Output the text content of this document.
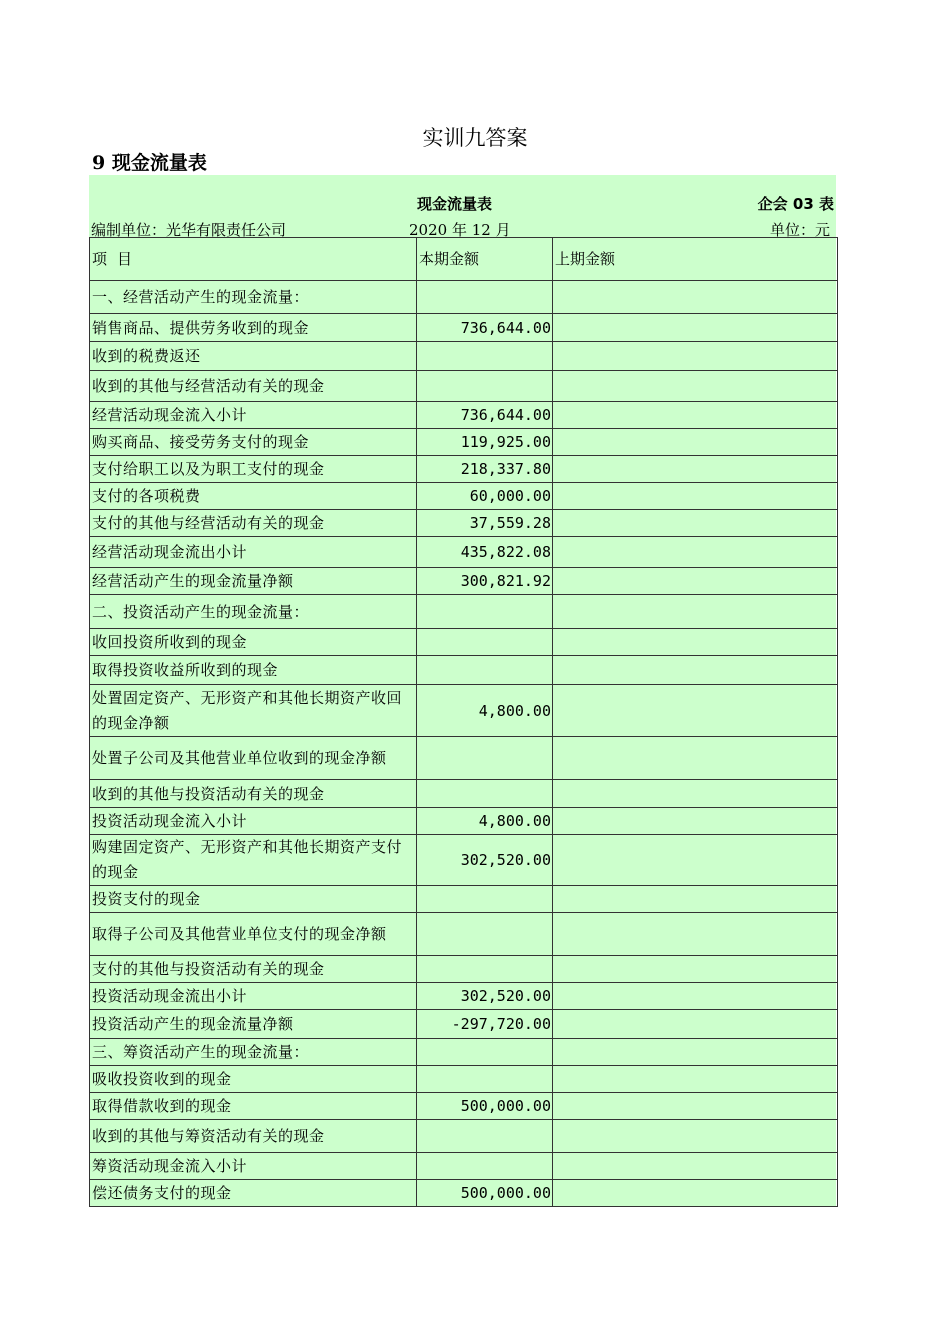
实训九答案
9 现金流量表
现金流量表	企会 03 表
编制单位：光华有限责任公司	2020 年 12 月	单位：元
项 目	本期金额	上期金额
一、经营活动产生的现金流量：		
销售商品、提供劳务收到的现金	736,644.00	
收到的税费返还		
收到的其他与经营活动有关的现金		
经营活动现金流入小计	736,644.00	
购买商品、接受劳务支付的现金	119,925.00	
支付给职工以及为职工支付的现金	218,337.80	
支付的各项税费	60,000.00	
支付的其他与经营活动有关的现金	37,559.28	
经营活动现金流出小计	435,822.08	
经营活动产生的现金流量净额	300,821.92	
二、投资活动产生的现金流量：		
收回投资所收到的现金		
取得投资收益所收到的现金		
处置固定资产、无形资产和其他长期资产收回的现金净额	4,800.00	
处置子公司及其他营业单位收到的现金净额		
收到的其他与投资活动有关的现金		
投资活动现金流入小计	4,800.00	
购建固定资产、无形资产和其他长期资产支付的现金	302,520.00	
投资支付的现金		
取得子公司及其他营业单位支付的现金净额		
支付的其他与投资活动有关的现金		
投资活动现金流出小计	302,520.00	
投资活动产生的现金流量净额	-297,720.00	
三、筹资活动产生的现金流量：		
吸收投资收到的现金		
取得借款收到的现金	500,000.00	
收到的其他与筹资活动有关的现金		
筹资活动现金流入小计		
偿还债务支付的现金	500,000.00	
